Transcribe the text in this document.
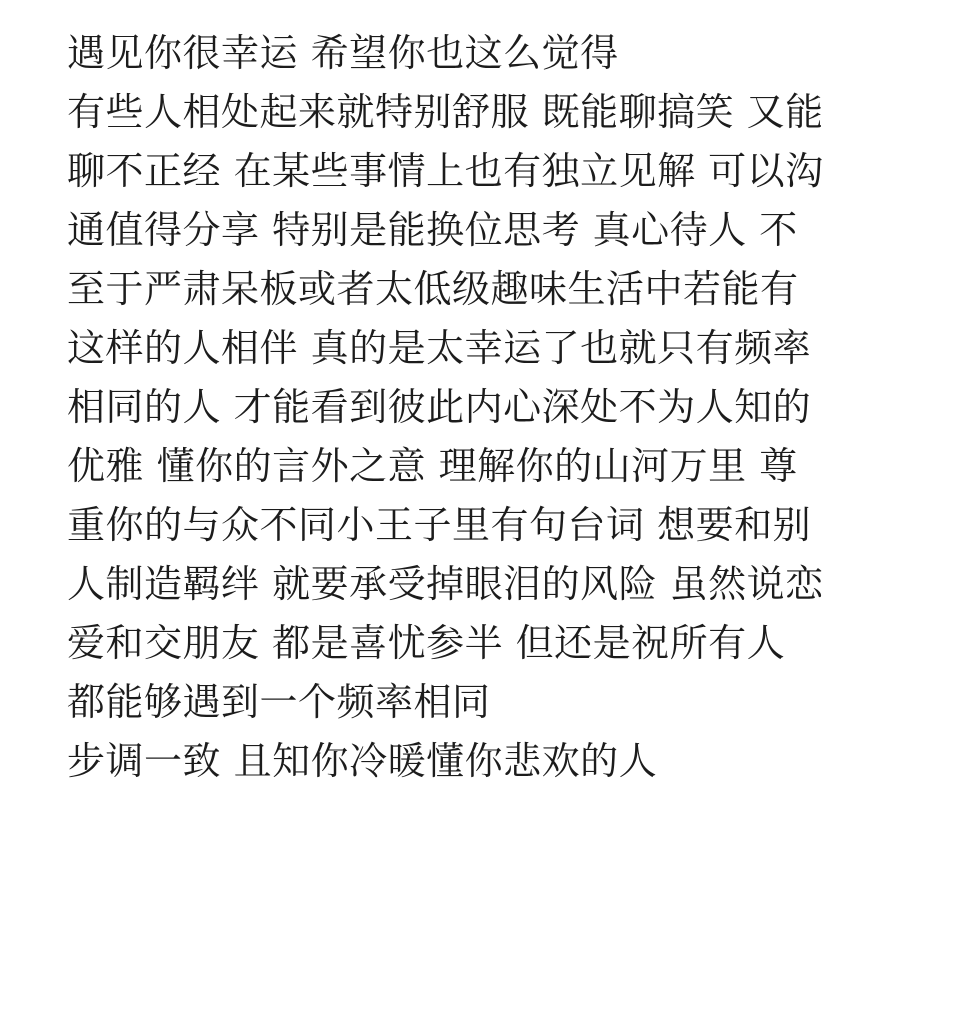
遇见你很幸运 希望你也这么觉得
有些人相处起来就特别舒服 既能聊搞笑 又能
聊不正经 在某些事情上也有独立见解 可以沟
通值得分享 特别是能换位思考 真心待人 不
至于严肃呆板或者太低级趣味生活中若能有
这样的人相伴 真的是太幸运了也就只有频率
相同的人 才能看到彼此内心深处不为人知的
优雅 懂你的言外之意 理解你的山河万里 尊
重你的与众不同小王子里有句台词 想要和别
人制造羁绊 就要承受掉眼泪的风险 虽然说恋
爱和交朋友 都是喜忧参半 但还是祝所有人
都能够遇到一个频率相同
步调一致 且知你冷暖懂你悲欢的人
